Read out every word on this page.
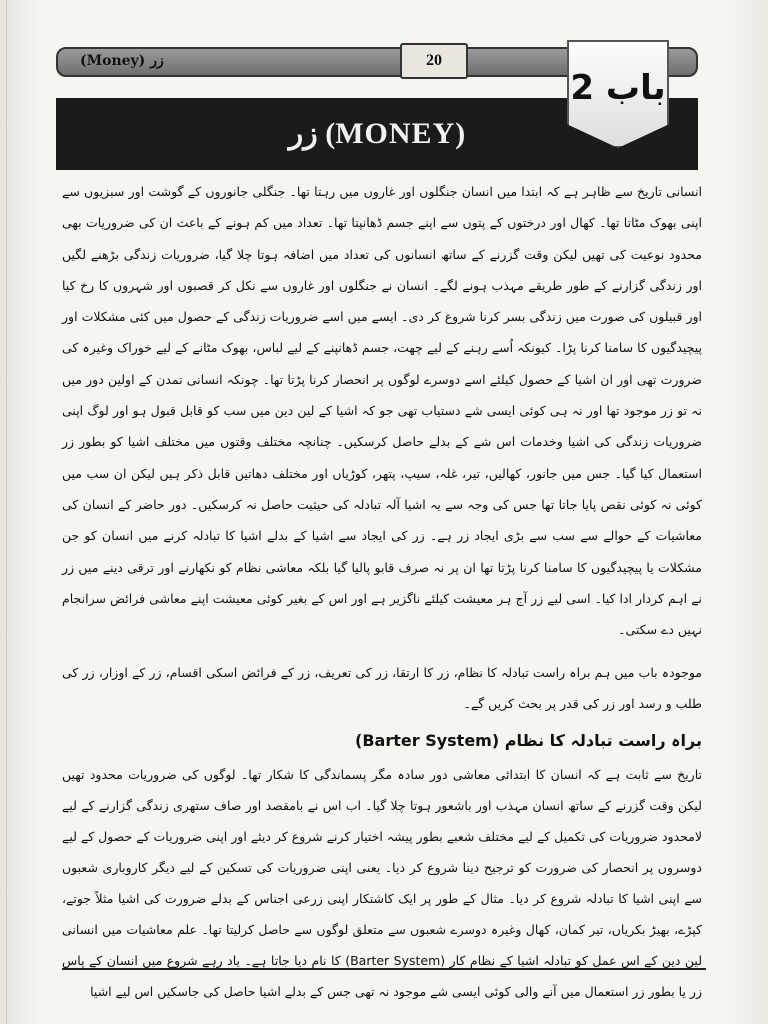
(Money) زر	20
زر (MONEY)
باب 2

انسانی تاریخ سے ظاہر ہے کہ ابتدا میں انسان جنگلوں اور غاروں میں رہتا تھا۔ جنگلی جانوروں کے گوشت اور سبزیوں سے اپنی بھوک مٹاتا تھا۔ کھال اور درختوں کے پتوں سے اپنے جسم ڈھانپتا تھا۔ تعداد میں کم ہونے کے باعث ان کی ضروریات بھی محدود نوعیت کی تھیں لیکن وقت گزرنے کے ساتھ انسانوں کی تعداد میں اضافہ ہوتا چلا گیا، ضروریات زندگی بڑھنے لگیں اور زندگی گزارنے کے طور طریقے مہذب ہونے لگے۔ انسان نے جنگلوں اور غاروں سے نکل کر قصبوں اور شہروں کا رخ کیا اور قبیلوں کی صورت میں زندگی بسر کرنا شروع کر دی۔ ایسے میں اسے ضروریات زندگی کے حصول میں کئی مشکلات اور پیچیدگیوں کا سامنا کرنا پڑا۔ کیونکہ اُسے رہنے کے لیے چھت، جسم ڈھانپنے کے لیے لباس، بھوک مٹانے کے لیے خوراک وغیرہ کی ضرورت تھی اور ان اشیا کے حصول کیلئے اسے دوسرے لوگوں پر انحصار کرنا پڑتا تھا۔ چونکہ انسانی تمدن کے اولین دور میں نہ تو زر موجود تھا اور نہ ہی کوئی ایسی شے دستیاب تھی جو کہ اشیا کے لین دین میں سب کو قابل قبول ہو اور لوگ اپنی ضروریات زندگی کی اشیا وخدمات اس شے کے بدلے حاصل کرسکیں۔ چنانچہ مختلف وقتوں میں مختلف اشیا کو بطور زر استعمال کیا گیا۔ جس میں جانور، کھالیں، تیر، غلہ، سیپ، پتھر، کوڑیاں اور مختلف دھاتیں قابل ذکر ہیں لیکن ان سب میں کوئی نہ کوئی نقص پایا جاتا تھا جس کی وجہ سے یہ اشیا آلہ تبادلہ کی حیثیت حاصل نہ کرسکیں۔ دور حاضر کے انسان کی معاشیات کے حوالے سے سب سے بڑی ایجاد زر ہے۔ زر کی ایجاد سے اشیا کے بدلے اشیا کا تبادلہ کرنے میں انسان کو جن مشکلات یا پیچیدگیوں کا سامنا کرنا پڑتا تھا ان پر نہ صرف قابو پالیا گیا بلکہ معاشی نظام کو نکھارنے اور ترقی دینے میں زر نے اہم کردار ادا کیا۔ اسی لیے زر آج ہر معیشت کیلئے ناگزیر ہے اور اس کے بغیر کوئی معیشت اپنے معاشی فرائض سرانجام نہیں دے سکتی۔

موجودہ باب میں ہم براہ راست تبادلہ کا نظام، زر کا ارتقا، زر کی تعریف، زر کے فرائض اسکی اقسام، زر کے اوزار، زر کی طلب و رسد اور زر کی قدر پر بحث کریں گے۔

براہ راست تبادلہ کا نظام (Barter System)

تاریخ سے ثابت ہے کہ انسان کا ابتدائی معاشی دور سادہ مگر پسماندگی کا شکار تھا۔ لوگوں کی ضروریات محدود تھیں لیکن وقت گزرنے کے ساتھ انسان مہذب اور باشعور ہوتا چلا گیا۔ اب اس نے بامقصد اور صاف ستھری زندگی گزارنے کے لیے لامحدود ضروریات کی تکمیل کے لیے مختلف شعبے بطور پیشہ اختیار کرنے شروع کر دیئے اور اپنی ضروریات کے حصول کے لیے دوسروں پر انحصار کی ضرورت کو ترجیح دینا شروع کر دیا۔ یعنی اپنی ضروریات کی تسکین کے لیے دیگر کاروباری شعبوں سے اپنی اشیا کا تبادلہ شروع کر دیا۔ مثال کے طور پر ایک کاشتکار اپنی زرعی اجناس کے بدلے ضرورت کی اشیا مثلاً جوتے، کپڑے، بھیڑ بکریاں، تیر کمان، کھال وغیرہ دوسرے شعبوں سے متعلق لوگوں سے حاصل کرلیتا تھا۔ علم معاشیات میں انسانی لین دین کے اس عمل کو تبادلہ اشیا کے نظام کار (Barter System) کا نام دیا جاتا ہے۔ یاد رہے شروع میں انسان کے پاس زر یا بطور زر استعمال میں آنے والی کوئی ایسی شے موجود نہ تھی جس کے بدلے اشیا حاصل کی جاسکیں اس لیے اشیا
